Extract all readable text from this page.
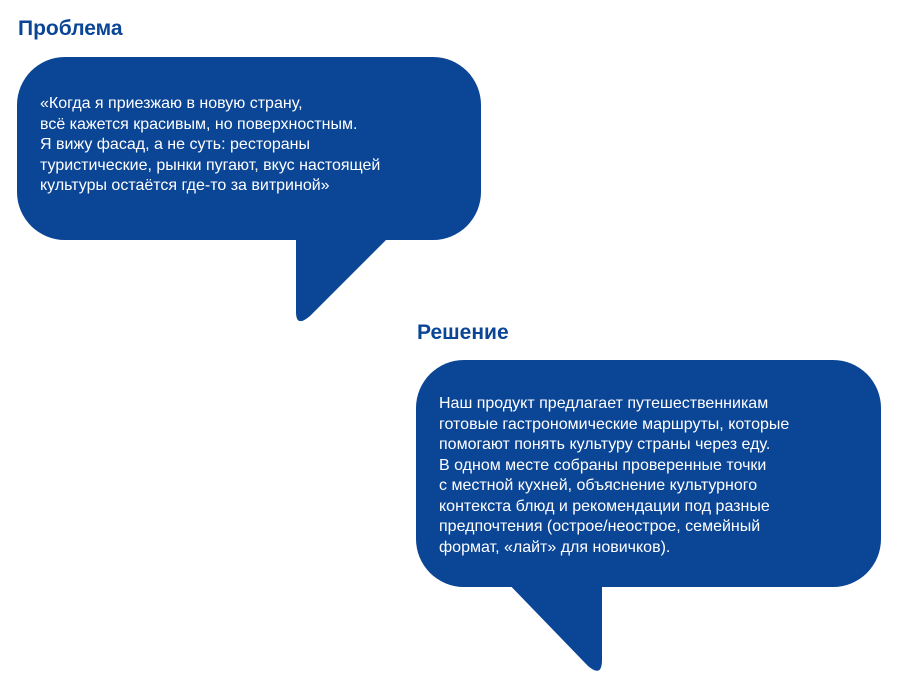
Проблема
«Когда я приезжаю в новую страну,
всё кажется красивым, но поверхностным.
Я вижу фасад, а не суть: рестораны
туристические, рынки пугают, вкус настоящей
культуры остаётся где-то за витриной»
Решение
Наш продукт предлагает путешественникам
готовые гастрономические маршруты, которые
помогают понять культуру страны через еду.
В одном месте собраны проверенные точки
с местной кухней, объяснение культурного
контекста блюд и рекомендации под разные
предпочтения (острое/неострое, семейный
формат, «лайт» для новичков).
